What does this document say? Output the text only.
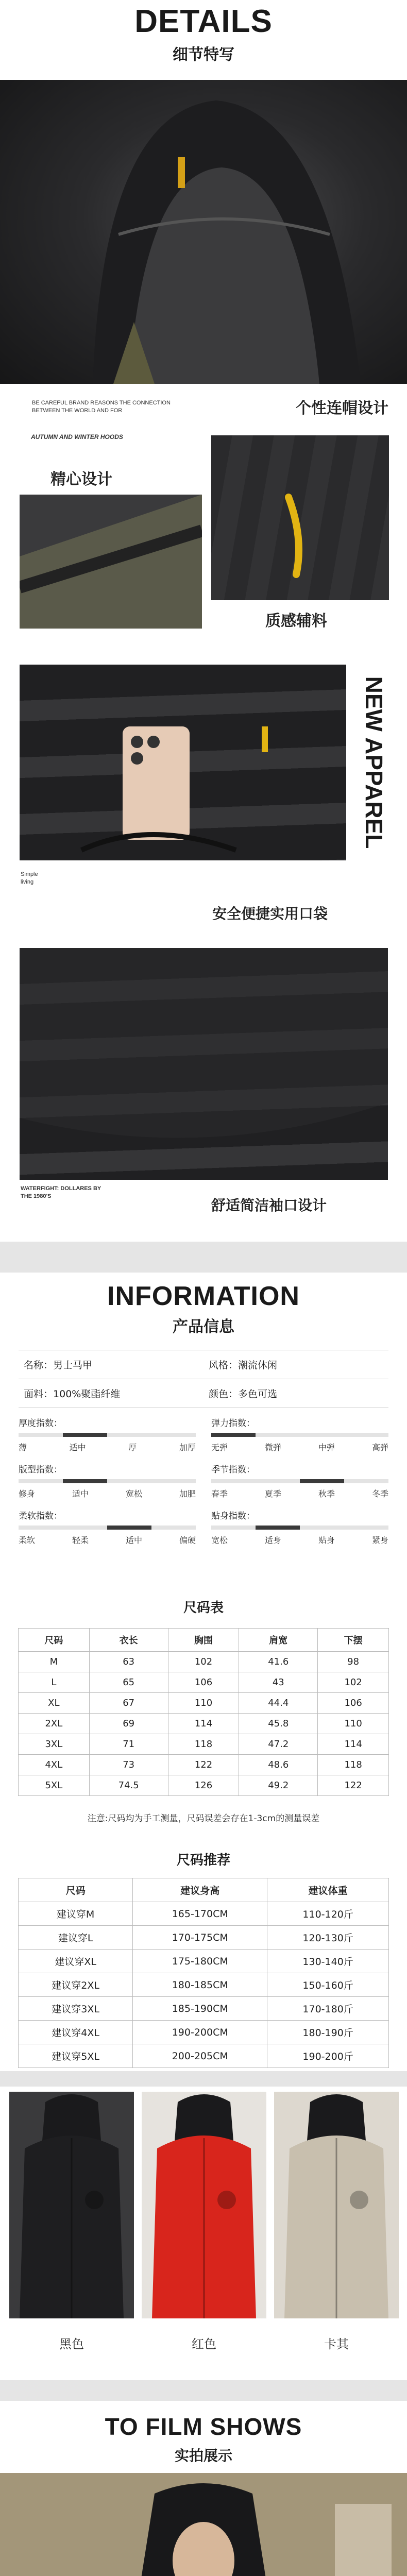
DETAILS
细节特写
BE CAREFUL BRAND REASONS THE CONNECTION BETWEEN THE WORLD AND FOR	个性连帽设计
AUTUMN AND WINTER HOODS
精心设计
质感辅料
NEW APPAREL
Simple living
安全便捷实用口袋
WATERFIGHT: DOLLARES BY THE 1980'S
舒适简洁袖口设计
INFORMATION
产品信息
名称：男士马甲	风格：潮流休闲
面料：100%聚酯纤维	颜色：多色可选
厚度指数：
薄	适中	厚	加厚
弹力指数：
无弹	微弹	中弹	高弹
版型指数：
修身	适中	宽松	加肥
季节指数：
春季	夏季	秋季	冬季
柔软指数：
柔软	轻柔	适中	偏硬
贴身指数：
宽松	适身	贴身	紧身
尺码表
尺码	衣长	胸围	肩宽	下摆
M	63	102	41.6	98
L	65	106	43	102
XL	67	110	44.4	106
2XL	69	114	45.8	110
3XL	71	118	47.2	114
4XL	73	122	48.6	118
5XL	74.5	126	49.2	122
注意:尺码均为手工测量，尺码误差会存在1-3cm的测量误差
尺码推荐
尺码	建议身高	建议体重
建议穿M	165-170CM	110-120斤
建议穿L	170-175CM	120-130斤
建议穿XL	175-180CM	130-140斤
建议穿2XL	180-185CM	150-160斤
建议穿3XL	185-190CM	170-180斤
建议穿4XL	190-200CM	180-190斤
建议穿5XL	200-205CM	190-200斤
黑色	红色	卡其
TO FILM SHOWS
实拍展示
